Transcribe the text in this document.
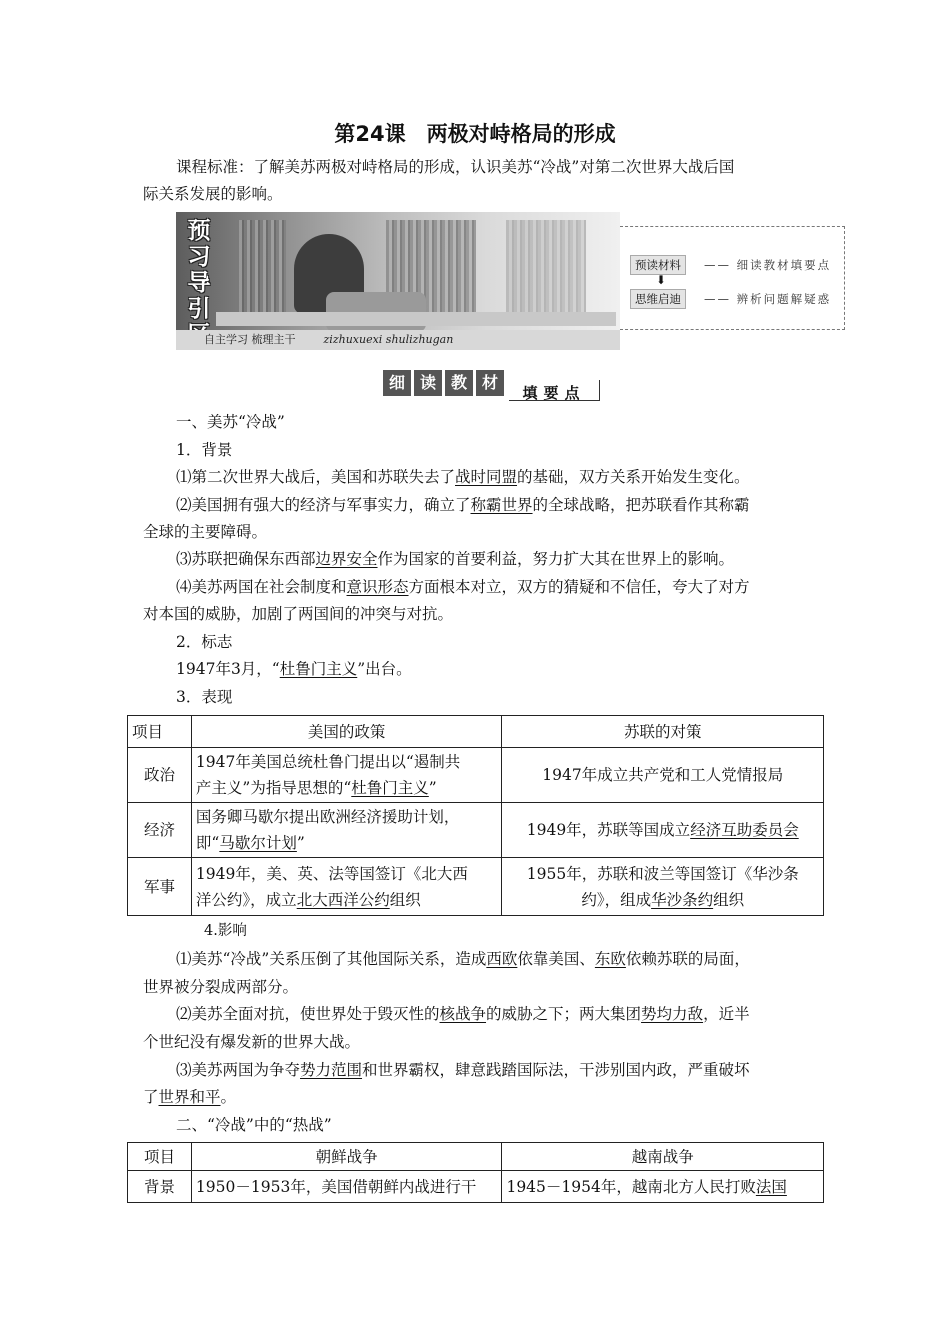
第24课　两极对峙格局的形成
课程标准：了解美苏两极对峙格局的形成，认识美苏“冷战”对第二次世界大战后国
际关系发展的影响。
预
习
导
引
自主学习 梳理主干	zizhuxuexi shulizhugan
预读材料	—— 细读教材填要点
⬇
思维启迪	—— 辨析问题解疑惑
细 读 教 材
填要点
一、美苏“冷战”
1．背景
⑴第二次世界大战后，美国和苏联失去了战时同盟的基础，双方关系开始发生变化。
⑵美国拥有强大的经济与军事实力，确立了称霸世界的全球战略，把苏联看作其称霸
全球的主要障碍。
⑶苏联把确保东西部边界安全作为国家的首要利益，努力扩大其在世界上的影响。
⑷美苏两国在社会制度和意识形态方面根本对立，双方的猜疑和不信任，夸大了对方
对本国的威胁，加剧了两国间的冲突与对抗。
2．标志
1947年3月，“杜鲁门主义”出台。
3．表现
项目	美国的政策	苏联的对策
政治	1947年美国总统杜鲁门提出以“遏制共
产主义”为指导思想的“杜鲁门主义”	1947年成立共产党和工人党情报局
经济	国务卿马歇尔提出欧洲经济援助计划，
即“马歇尔计划”	1949年，苏联等国成立经济互助委员会
军事	1949年，美、英、法等国签订《北大西
洋公约》，成立北大西洋公约组织	1955年，苏联和波兰等国签订《华沙条
约》，组成华沙条约组织
4.影响
⑴美苏“冷战”关系压倒了其他国际关系，造成西欧依靠美国、东欧依赖苏联的局面，
世界被分裂成两部分。
⑵美苏全面对抗，使世界处于毁灭性的核战争的威胁之下；两大集团势均力敌，近半
个世纪没有爆发新的世界大战。
⑶美苏两国为争夺势力范围和世界霸权，肆意践踏国际法，干涉别国内政，严重破坏
了世界和平。
二、“冷战”中的“热战”
项目	朝鲜战争	越南战争
背景	1950－1953年，美国借朝鲜内战进行干	1945－1954年，越南北方人民打败法国
